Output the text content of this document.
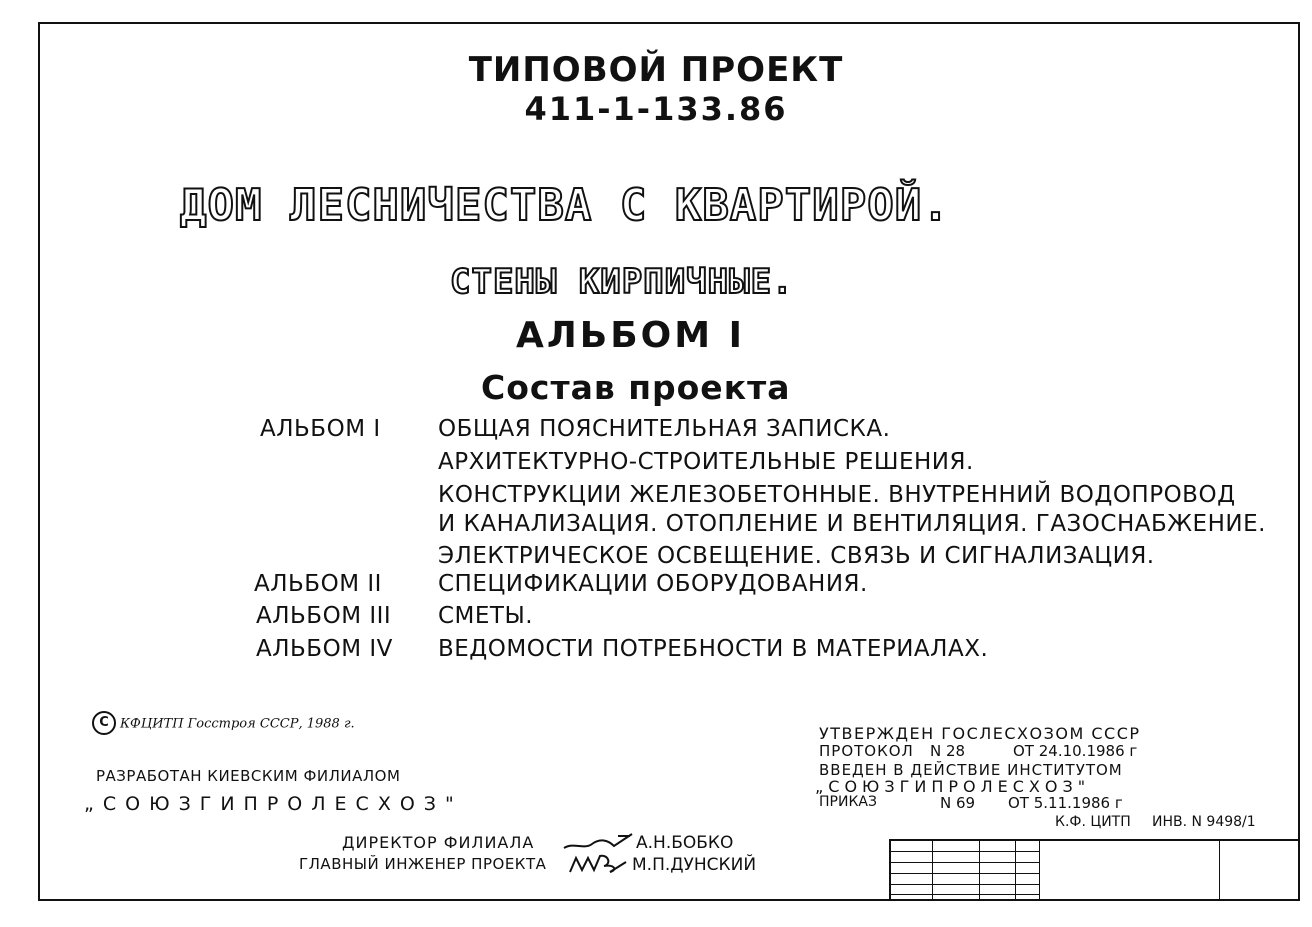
ТИПОВОЙ ПРОЕКТ
411-1-133.86
ДОМ ЛЕСНИЧЕСТВА С КВАРТИРОЙ.
СТЕНЫ КИРПИЧНЫЕ.
АЛЬБОМ I
Состав проекта
АЛЬБОМ I ОБЩАЯ ПОЯСНИТЕЛЬНАЯ ЗАПИСКА.
АРХИТЕКТУРНО-СТРОИТЕЛЬНЫЕ РЕШЕНИЯ.
КОНСТРУКЦИИ ЖЕЛЕЗОБЕТОННЫЕ. ВНУТРЕННИЙ ВОДОПРОВОД
И КАНАЛИЗАЦИЯ. ОТОПЛЕНИЕ И ВЕНТИЛЯЦИЯ. ГАЗОСНАБЖЕНИЕ.
ЭЛЕКТРИЧЕСКОЕ ОСВЕЩЕНИЕ. СВЯЗЬ И СИГНАЛИЗАЦИЯ.
АЛЬБОМ II СПЕЦИФИКАЦИИ ОБОРУДОВАНИЯ.
АЛЬБОМ III СМЕТЫ.
АЛЬБОМ IV ВЕДОМОСТИ ПОТРЕБНОСТИ В МАТЕРИАЛАХ.
C КФЦИТП Госстроя СССР, 1988 г.
РАЗРАБОТАН КИЕВСКИМ ФИЛИАЛОМ
„СОЮЗГИПРОЛЕСХОЗ"
ДИРЕКТОР ФИЛИАЛА	А.Н.БОБКО
ГЛАВНЫЙ ИНЖЕНЕР ПРОЕКТА	М.П.ДУНСКИЙ
УТВЕРЖДЕН ГОСЛЕСХОЗОМ СССР
ПРОТОКОЛ N 28	ОТ 24.10.1986 г
ВВЕДЕН В ДЕЙСТВИЕ ИНСТИТУТОМ
„СОЮЗГИПРОЛЕСХОЗ"
ПРИКАЗ	N 69 ОТ 5.11.1986 г
К.Ф. ЦИТП ИНВ. N 9498/1
